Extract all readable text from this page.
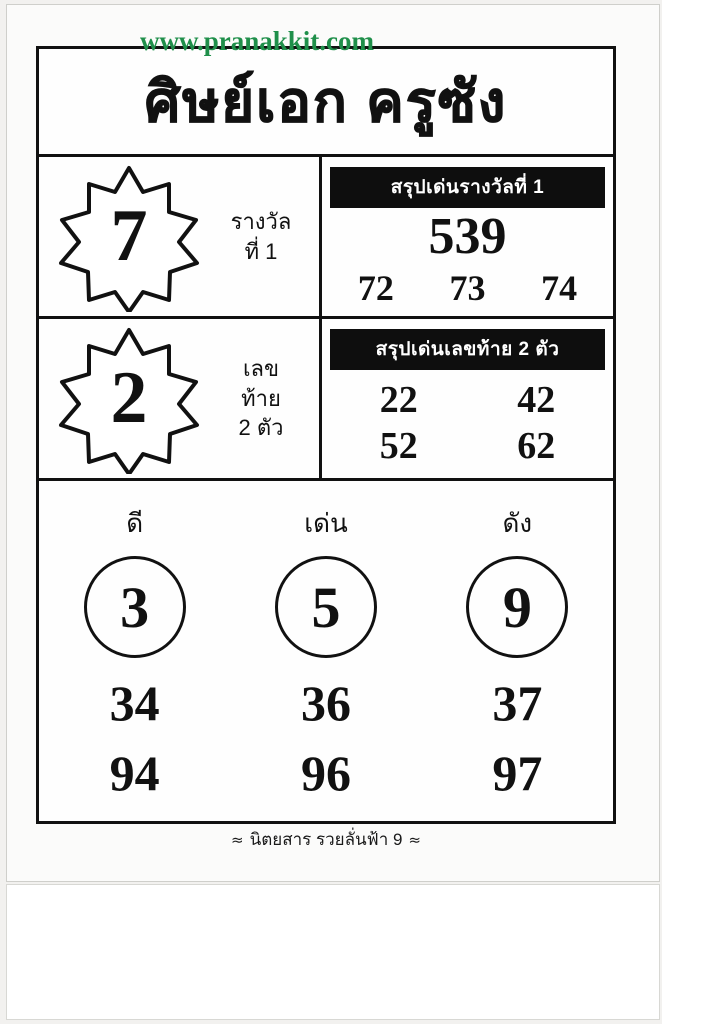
www.pranakkit.com
ศิษย์เอก ครูซัง
7	รางวัล
ที่ 1
สรุปเด่นรางวัลที่ 1
539
72 73 74
2	เลข
ท้าย
2 ตัว
สรุปเด่นเลขท้าย 2 ตัว
22	42
52	62
ดี	เด่น	ดัง
3	5	9
34	36	37
94	96	97
≈ นิตยสาร รวยลั่นฟ้า 9 ≈
